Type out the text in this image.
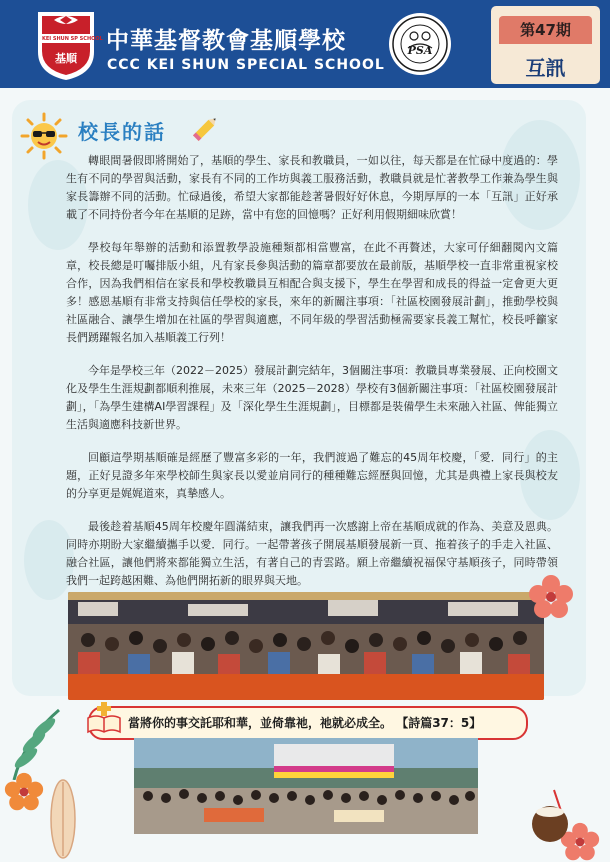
KEI SHUN SP SCHOOL
基順
中華基督教會基順學校
CCC KEI SHUN SPECIAL SCHOOL
PSA
第47期
互訊
校長的話

轉眼間暑假即將開始了，基順的學生、家長和教職員，一如以往，每天都是在忙碌中度過的：學生有不同的學習與活動，家長有不同的工作坊與義工服務活動，教職員就是忙著教學工作兼為學生與家長籌辦不同的活動。忙碌過後，希望大家都能趁著暑假好好休息，今期厚厚的一本「互訊」正好承載了不同持份者今年在基順的足跡，當中有您的回憶嗎？正好利用假期細味欣賞！

學校每年舉辦的活動和添置教學設施種類都相當豐富，在此不再贅述，大家可仔細翻閱內文篇章，校長總是叮囑排版小組，凡有家長參與活動的篇章都要放在最前版，基順學校一直非常重視家校合作，因為我們相信在家長和學校教職員互相配合與支援下，學生在學習和成長的得益一定會更大更多！感恩基順有非常支持與信任學校的家長，來年的新關注事項：「社區校園發展計劃」，推動學校與社區融合、讓學生增加在社區的學習與適應，不同年級的學習活動極需要家長義工幫忙，校長呼籲家長們踴躍報名加入基順義工行列！

今年是學校三年（2022－2025）發展計劃完結年，3個關注事項：教職員專業發展、正向校園文化及學生生涯規劃都順利推展，未來三年（2025－2028）學校有3個新關注事項：「社區校園發展計劃」，「為學生建構AI學習課程」及「深化學生生涯規劃」，目標都是裝備學生未來融入社區、俾能獨立生活與適應科技新世界。

回顧這學期基順確是經歷了豐富多彩的一年，我們渡過了難忘的45周年校慶，「愛．同行」的主題，正好見證多年來學校師生與家長以愛並肩同行的種種難忘經歷與回憶，尤其是典禮上家長與校友的分享更是娓娓道來，真摯感人。

最後趁着基順45周年校慶年圓滿結束，讓我們再一次感謝上帝在基順成就的作為、美意及恩典。同時亦期盼大家繼續攜手以愛．同行。一起帶著孩子開展基順發展新一頁、拖着孩子的手走入社區、融合社區，讓他們將來都能獨立生活，有著自己的青雲路。願上帝繼續祝福保守基順孩子，同時帶領我們一起跨越困難、為他們開拓新的眼界與天地。

當將你的事交託耶和華，並倚靠祂，祂就必成全。 【詩篇37：5】
